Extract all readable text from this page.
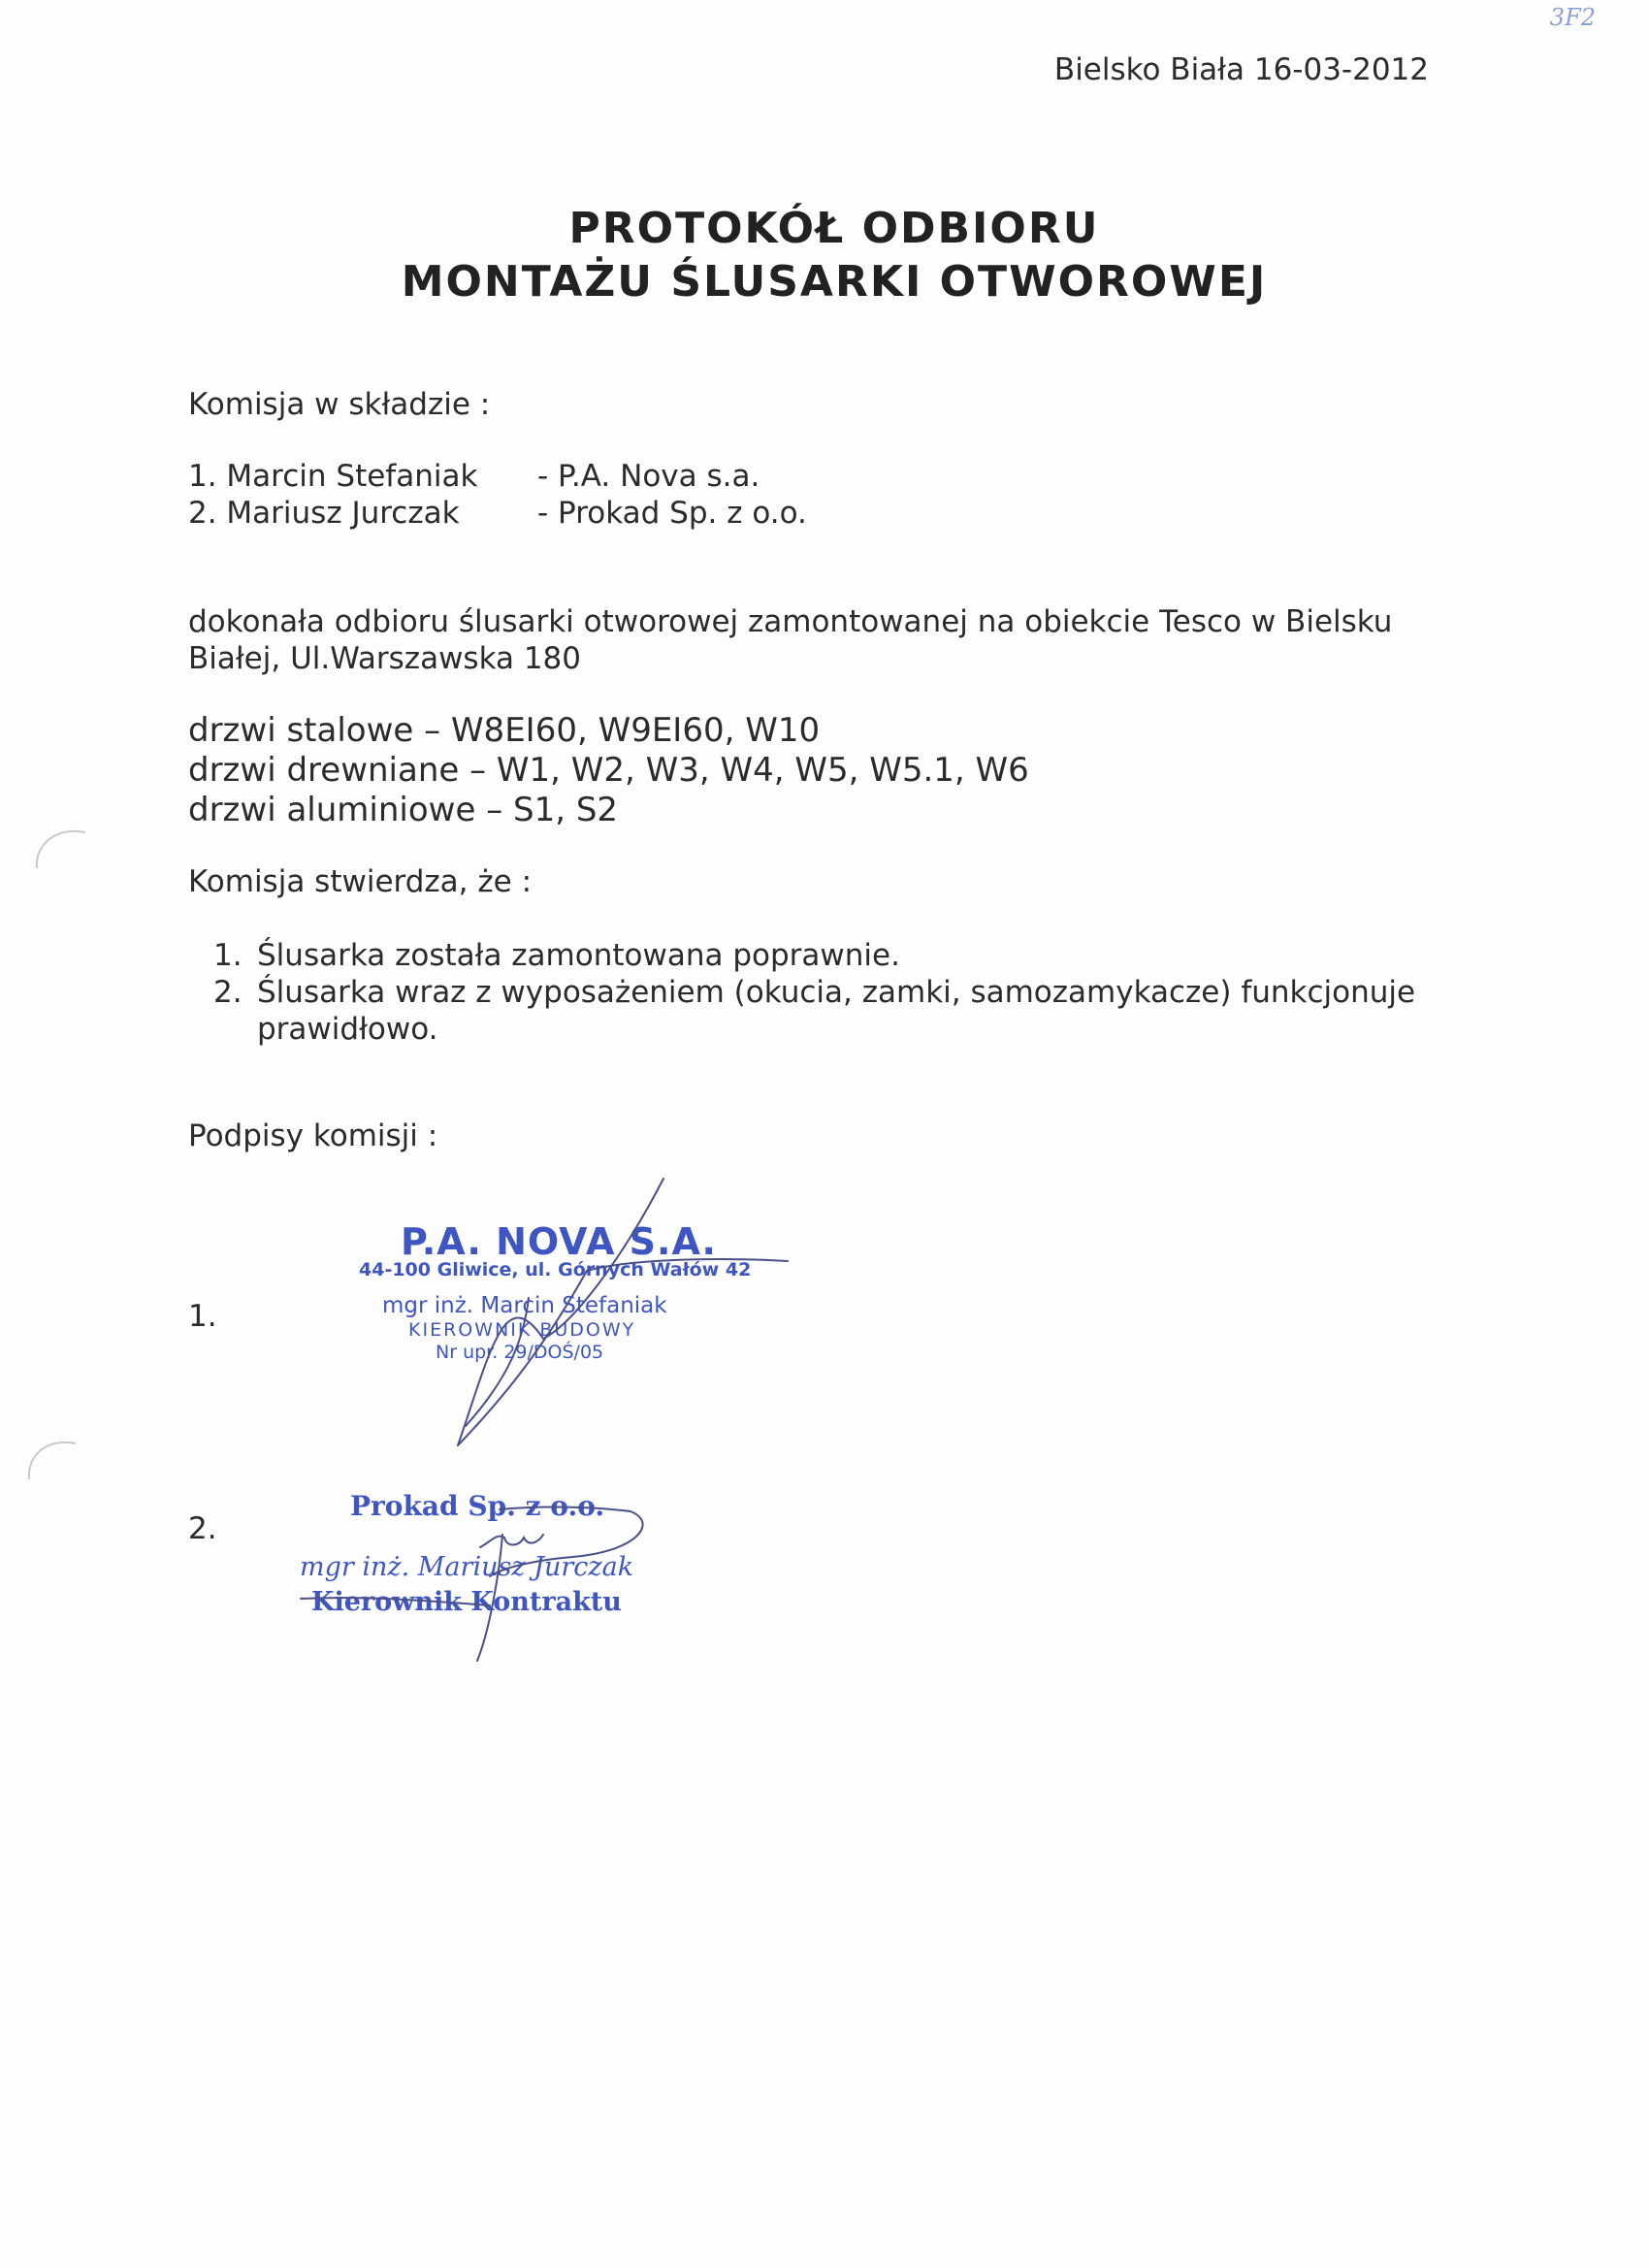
3F2
Bielsko Biała 16-03-2012
PROTOKÓŁ ODBIORU
MONTAŻU ŚLUSARKI OTWOROWEJ
Komisja w składzie :
1. Marcin Stefaniak	- P.A. Nova s.a.
2. Mariusz Jurczak	- Prokad Sp. z o.o.
dokonała odbioru ślusarki otworowej zamontowanej na obiekcie Tesco w Bielsku
Białej, Ul.Warszawska 180
drzwi stalowe – W8EI60, W9EI60, W10
drzwi drewniane – W1, W2, W3, W4, W5, W5.1, W6
drzwi aluminiowe – S1, S2
Komisja stwierdza, że :
1. Ślusarka została zamontowana poprawnie.
2. Ślusarka wraz z wyposażeniem (okucia, zamki, samozamykacze) funkcjonuje
prawidłowo.
Podpisy komisji :
1.
2.
P.A. NOVA S.A.
44-100 Gliwice, ul. Górnych Wałów 42
mgr inż. Marcin Stefaniak
KIEROWNIK BUDOWY
Nr upr. 29/DOŚ/05
Prokad Sp. z o.o.
mgr inż. Mariusz Jurczak
Kierownik Kontraktu
